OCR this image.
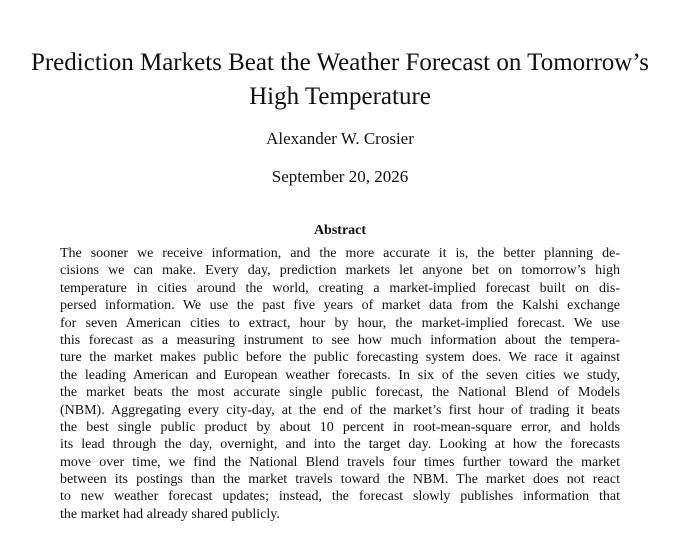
Prediction Markets Beat the Weather Forecast on Tomorrow’s
High Temperature
Alexander W. Crosier
September 20, 2026
Abstract
The sooner we receive information, and the more accurate it is, the better planning de-
cisions we can make. Every day, prediction markets let anyone bet on tomorrow’s high
temperature in cities around the world, creating a market-implied forecast built on dis-
persed information. We use the past five years of market data from the Kalshi exchange
for seven American cities to extract, hour by hour, the market-implied forecast. We use
this forecast as a measuring instrument to see how much information about the tempera-
ture the market makes public before the public forecasting system does. We race it against
the leading American and European weather forecasts. In six of the seven cities we study,
the market beats the most accurate single public forecast, the National Blend of Models
(NBM). Aggregating every city-day, at the end of the market’s first hour of trading it beats
the best single public product by about 10 percent in root-mean-square error, and holds
its lead through the day, overnight, and into the target day. Looking at how the forecasts
move over time, we find the National Blend travels four times further toward the market
between its postings than the market travels toward the NBM. The market does not react
to new weather forecast updates; instead, the forecast slowly publishes information that
the market had already shared publicly.
